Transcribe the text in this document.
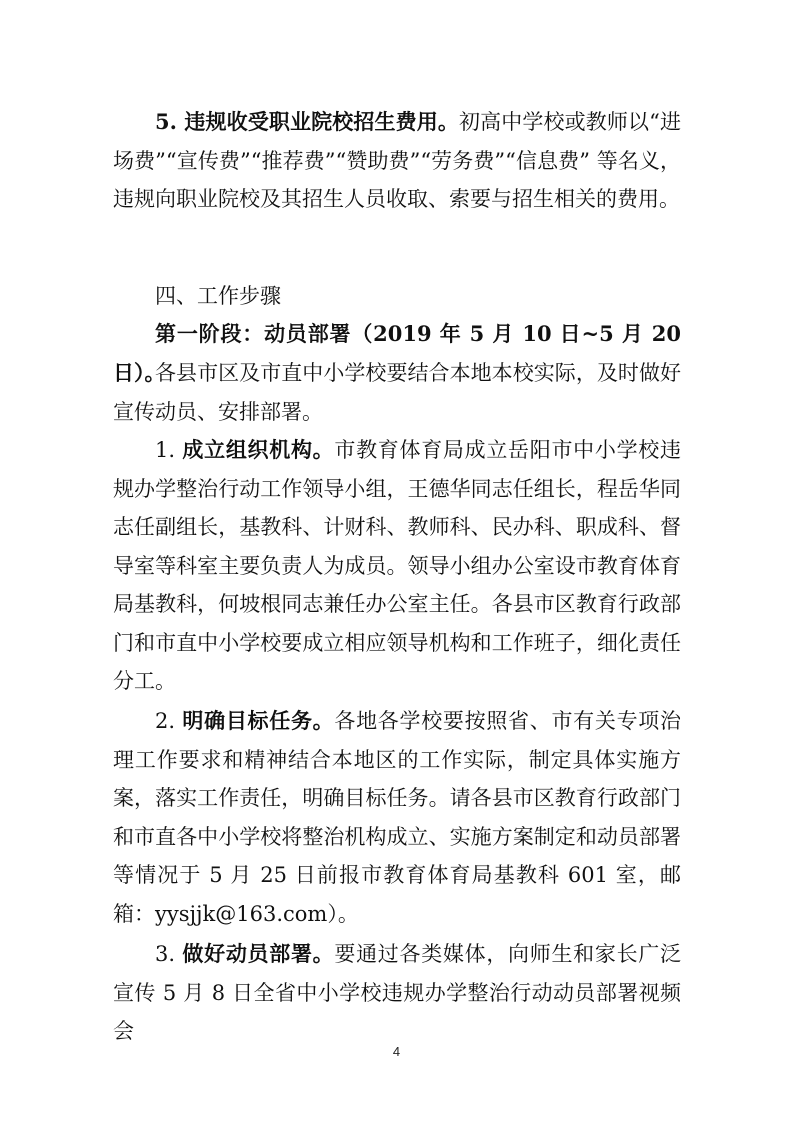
5. 违规收受职业院校招生费用。初高中学校或教师以“进场费”“宣传费”“推荐费”“赞助费”“劳务费”“信息费” 等名义，违规向职业院校及其招生人员收取、索要与招生相关的费用。

四、工作步骤

第一阶段：动员部署（2019 年 5 月 10 日~5 月 20 日）。

各县市区及市直中小学校要结合本地本校实际，及时做好宣传动员、安排部署。

1. 成立组织机构。市教育体育局成立岳阳市中小学校违规办学整治行动工作领导小组，王德华同志任组长，程岳华同志任副组长，基教科、计财科、教师科、民办科、职成科、督导室等科室主要负责人为成员。领导小组办公室设市教育体育局基教科，何坡根同志兼任办公室主任。各县市区教育行政部门和市直中小学校要成立相应领导机构和工作班子，细化责任分工。

2. 明确目标任务。各地各学校要按照省、市有关专项治理工作要求和精神结合本地区的工作实际，制定具体实施方案，落实工作责任，明确目标任务。请各县市区教育行政部门和市直各中小学校将整治机构成立、实施方案制定和动员部署等情况于 5 月 25 日前报市教育体育局基教科 601 室，邮箱：yysjjk@163.com）。

3. 做好动员部署。要通过各类媒体，向师生和家长广泛宣传 5 月 8 日全省中小学校违规办学整治行动动员部署视频会

4
